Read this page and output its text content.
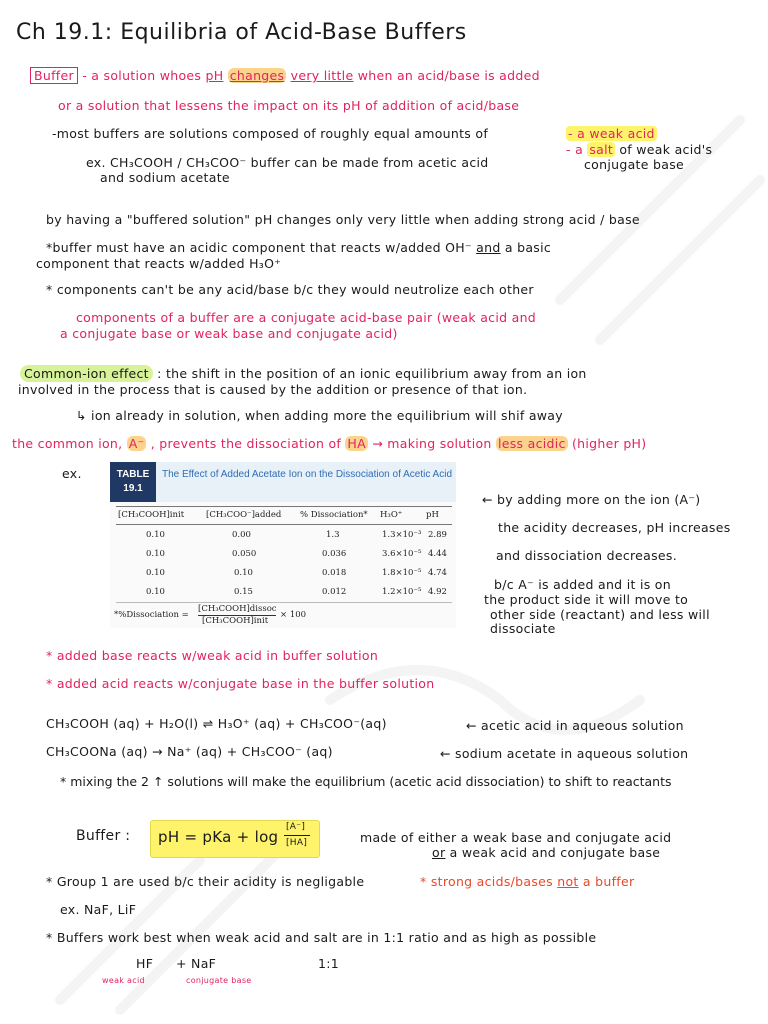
Ch 19.1: Equilibria of Acid-Base Buffers
Buffer - a solution whoes pH changes very little when an acid/base is added
or a solution that lessens the impact on its pH of addition of acid/base
-most buffers are solutions composed of roughly equal amounts of	- a weak acid
- a salt of weak acid's
conjugate base
ex. CH₃COOH / CH₃COO⁻ buffer can be made from acetic acid
and sodium acetate
by having a "buffered solution" pH changes only very little when adding strong acid / base
*buffer must have an acidic component that reacts w/added OH⁻ and a basic
component that reacts w/added H₃O⁺
* components can't be any acid/base b/c they would neutrolize each other
components of a buffer are a conjugate acid-base pair (weak acid and
a conjugate base or weak base and conjugate acid)
Common-ion effect : the shift in the position of an ionic equilibrium away from an ion
involved in the process that is caused by the addition or presence of that ion.
↳ ion already in solution, when adding more the equilibrium will shif away
the common ion, A⁻ , prevents the dissociation of HA → making solution less acidic (higher pH)
ex.	TABLE
19.1
The Effect of Added Acetate Ion on the Dissociation of Acetic Acid
[CH₃COOH]init	[CH₃COO⁻]added % Dissociation* H₃O⁺	pH
0.10	0.00	1.3	1.3×10⁻³ 2.89
0.10	0.050	0.036	3.6×10⁻⁵ 4.44
0.10	0.10	0.018	1.8×10⁻⁵ 4.74
0.10	0.15	0.012	1.2×10⁻⁵ 4.92
*%Dissociation =
[CH₃COOH]dissoc
[CH₃COOH]init
× 100
← by adding more on the ion (A⁻)
the acidity decreases, pH increases
and dissociation decreases.
b/c A⁻ is added and it is on
the product side it will move to
other side (reactant) and less will
dissociate
* added base reacts w/weak acid in buffer solution
* added acid reacts w/conjugate base in the buffer solution
CH₃COOH (aq) + H₂O(l) ⇌ H₃O⁺ (aq) + CH₃COO⁻(aq)	← acetic acid in aqueous solution
CH₃COONa (aq) → Na⁺ (aq) + CH₃COO⁻ (aq)	← sodium acetate in aqueous solution
* mixing the 2 ↑ solutions will make the equilibrium (acetic acid dissociation) to shift to reactants
Buffer : pH = pKa + log
[A⁻]
[HA]	made of either a weak base and conjugate acid
or a weak acid and conjugate base
* Group 1 are used b/c their acidity is negligable	* strong acids/bases not a buffer
ex. NaF, LiF
* Buffers work best when weak acid and salt are in 1:1 ratio and as high as possible
HF + NaF	1:1
weak acid	conjugate base
